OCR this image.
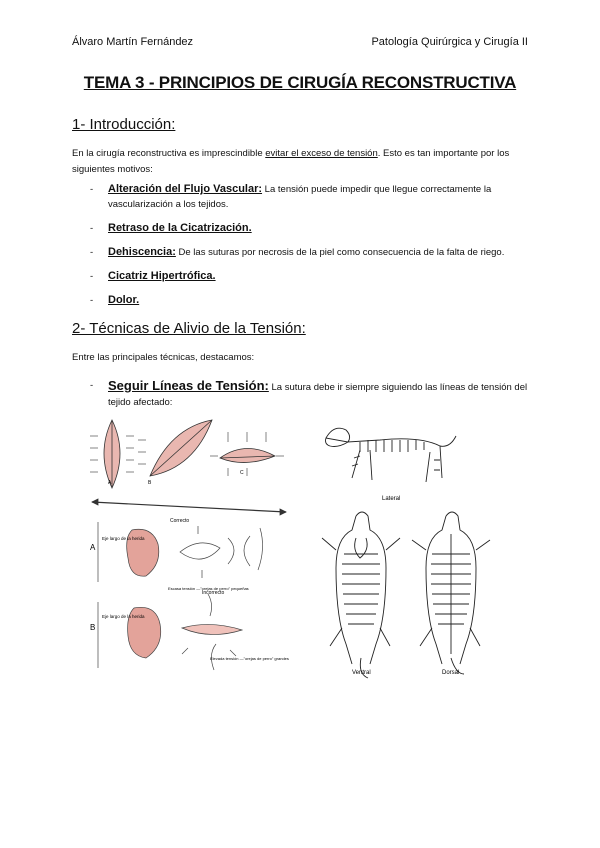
Álvaro Martín Fernández	Patología Quirúrgica y Cirugía II
TEMA 3 - PRINCIPIOS DE CIRUGÍA RECONSTRUCTIVA
1- Introducción:
En la cirugía reconstructiva es imprescindible evitar el exceso de tensión. Esto es tan importante por los siguientes motivos:
- Alteración del Flujo Vascular: La tensión puede impedir que llegue correctamente la vascularización a los tejidos.
- Retraso de la Cicatrización.
- Dehiscencia: De las suturas por necrosis de la piel como consecuencia de la falta de riego.
- Cicatriz Hipertrófica.
- Dolor.
2- Técnicas de Alivio de la Tensión:
Entre las principales técnicas, destacamos:
- Seguir Líneas de Tensión: La sutura debe ir siempre siguiendo las líneas de tensión del tejido afectado:
A	B
C
Correcto
A
Eje largo de la herida
Escasa tensión —"orejas de perro" pequeñas
Incorrecto
B
Eje largo de la herida
Elevada tensión —"orejas de perro" grandes
Lateral
Ventral	Dorsal
